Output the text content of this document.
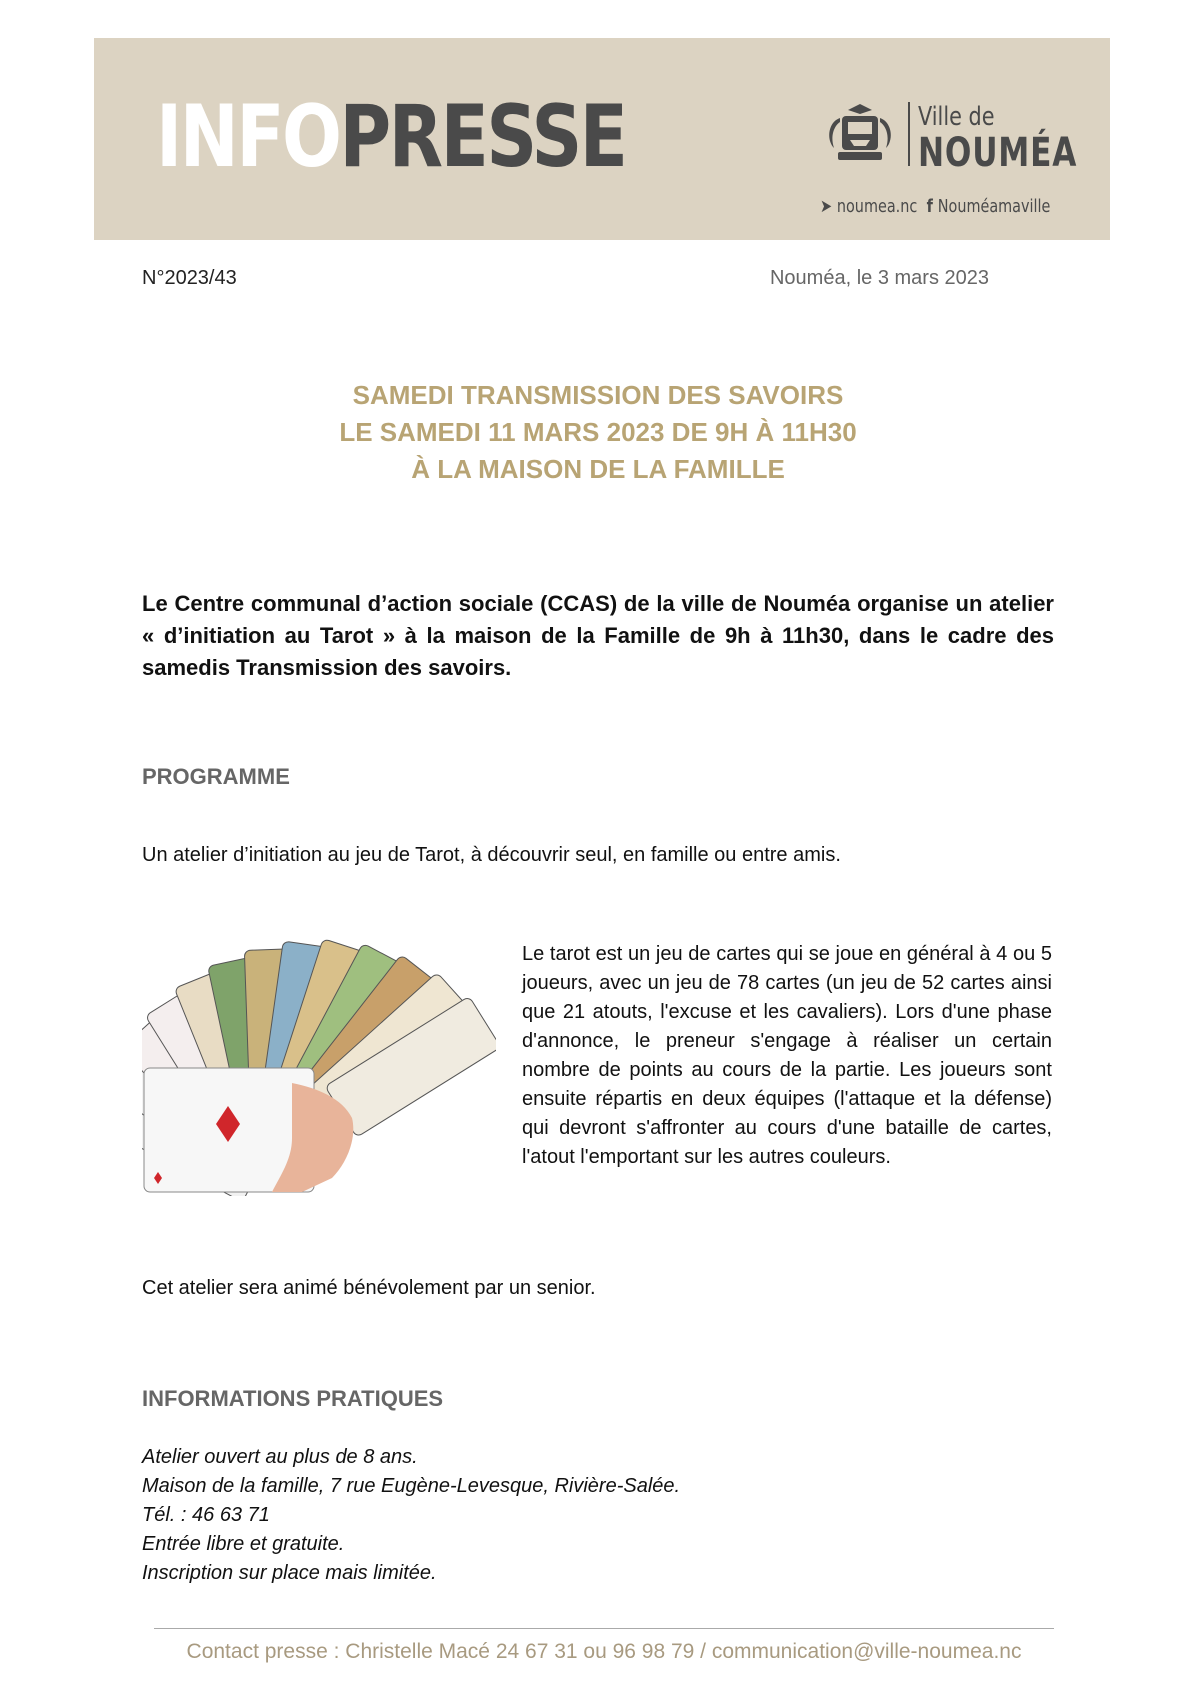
INFOPRESSE	Ville de
NOUMÉA
➤ noumea.nc f Nouméamaville
N°2023/43	Nouméa, le 3 mars 2023
SAMEDI TRANSMISSION DES SAVOIRS
LE SAMEDI 11 MARS 2023 DE 9H À 11H30
À LA MAISON DE LA FAMILLE
Le Centre communal d’action sociale (CCAS) de la ville de Nouméa organise un atelier « d’initiation au Tarot » à la maison de la Famille de 9h à 11h30, dans le cadre des samedis Transmission des savoirs.
PROGRAMME
Un atelier d’initiation au jeu de Tarot, à découvrir seul, en famille ou entre amis.
Le tarot est un jeu de cartes qui se joue en général à 4 ou 5 joueurs, avec un jeu de 78 cartes (un jeu de 52 cartes ainsi que 21 atouts, l'excuse et les cavaliers). Lors d'une phase d'annonce, le preneur s'engage à réaliser un certain nombre de points au cours de la partie. Les joueurs sont ensuite répartis en deux équipes (l'attaque et la défense) qui devront s'affronter au cours d'une bataille de cartes, l'atout l'emportant sur les autres couleurs.
Cet atelier sera animé bénévolement par un senior.
INFORMATIONS PRATIQUES
Atelier ouvert au plus de 8 ans.
Maison de la famille, 7 rue Eugène-Levesque, Rivière-Salée.
Tél. : 46 63 71
Entrée libre et gratuite.
Inscription sur place mais limitée.
Contact presse : Christelle Macé 24 67 31 ou 96 98 79 / communication@ville-noumea.nc
